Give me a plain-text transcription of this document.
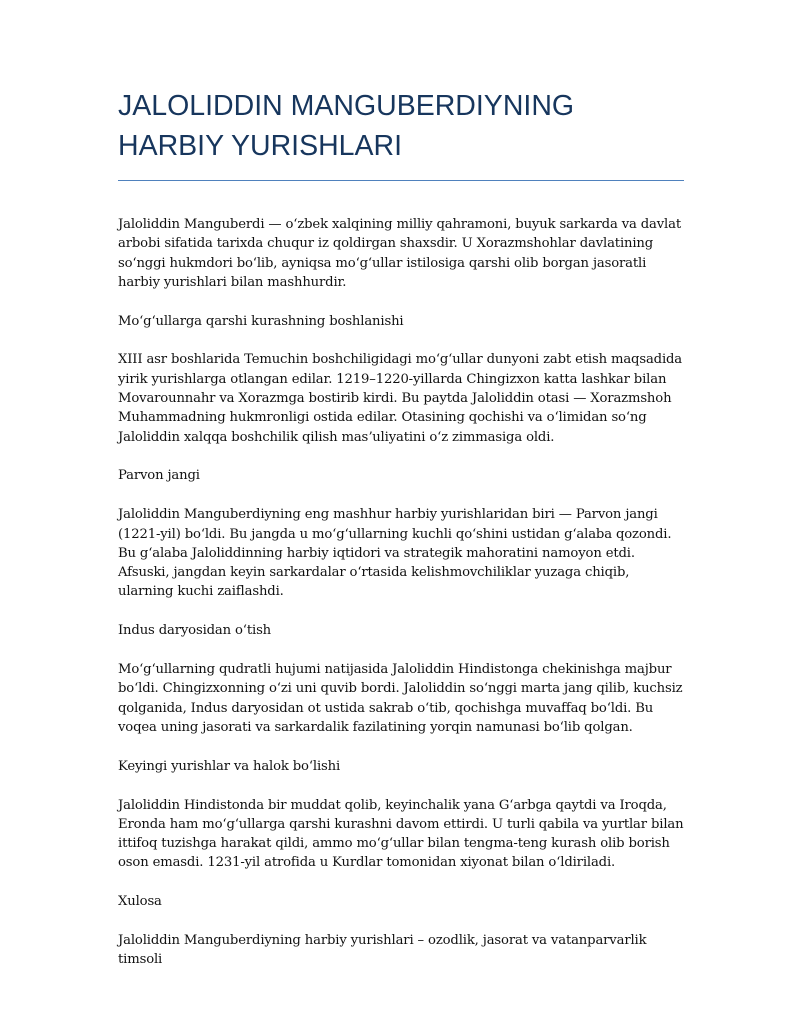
JALOLIDDIN MANGUBERDIYNING
HARBIY YURISHLARI

Jaloliddin Manguberdi — oʻzbek xalqining milliy qahramoni, buyuk sarkarda va davlat arbobi sifatida tarixda chuqur iz qoldirgan shaxsdir. U Xorazmshohlar davlatining soʻnggi hukmdori boʻlib, ayniqsa moʻgʻullar istilosiga qarshi olib borgan jasoratli harbiy yurishlari bilan mashhurdir.

Moʻgʻullarga qarshi kurashning boshlanishi

XIII asr boshlarida Temuchin boshchiligidagi moʻgʻullar dunyoni zabt etish maqsadida yirik yurishlarga otlangan edilar. 1219–1220-yillarda Chingizxon katta lashkar bilan Movarounnahr va Xorazmga bostirib kirdi. Bu paytda Jaloliddin otasi — Xorazmshoh Muhammadning hukmronligi ostida edilar. Otasining qochishi va oʻlimidan soʻng Jaloliddin xalqqa boshchilik qilish masʼuliyatini oʻz zimmasiga oldi.

Parvon jangi

Jaloliddin Manguberdiyning eng mashhur harbiy yurishlaridan biri — Parvon jangi (1221-yil) boʻldi. Bu jangda u moʻgʻullarning kuchli qoʻshini ustidan gʻalaba qozondi. Bu gʻalaba Jaloliddinning harbiy iqtidori va strategik mahoratini namoyon etdi. Afsuski, jangdan keyin sarkardalar oʻrtasida kelishmovchiliklar yuzaga chiqib, ularning kuchi zaiflashdi.

Indus daryosidan oʻtish

Moʻgʻullarning qudratli hujumi natijasida Jaloliddin Hindistonga chekinishga majbur boʻldi. Chingizxonning oʻzi uni quvib bordi. Jaloliddin soʻnggi marta jang qilib, kuchsiz qolganida, Indus daryosidan ot ustida sakrab oʻtib, qochishga muvaffaq boʻldi. Bu voqea uning jasorati va sarkardalik fazilatining yorqin namunasi boʻlib qolgan.

Keyingi yurishlar va halok boʻlishi

Jaloliddin Hindistonda bir muddat qolib, keyinchalik yana Gʻarbga qaytdi va Iroqda, Eronda ham moʻgʻullarga qarshi kurashni davom ettirdi. U turli qabila va yurtlar bilan ittifoq tuzishga harakat qildi, ammo moʻgʻullar bilan tengma-teng kurash olib borish oson emasdi. 1231-yil atrofida u Kurdlar tomonidan xiyonat bilan oʻldiriladi.

Xulosa

Jaloliddin Manguberdiyning harbiy yurishlari – ozodlik, jasorat va vatanparvarlik timsoli
